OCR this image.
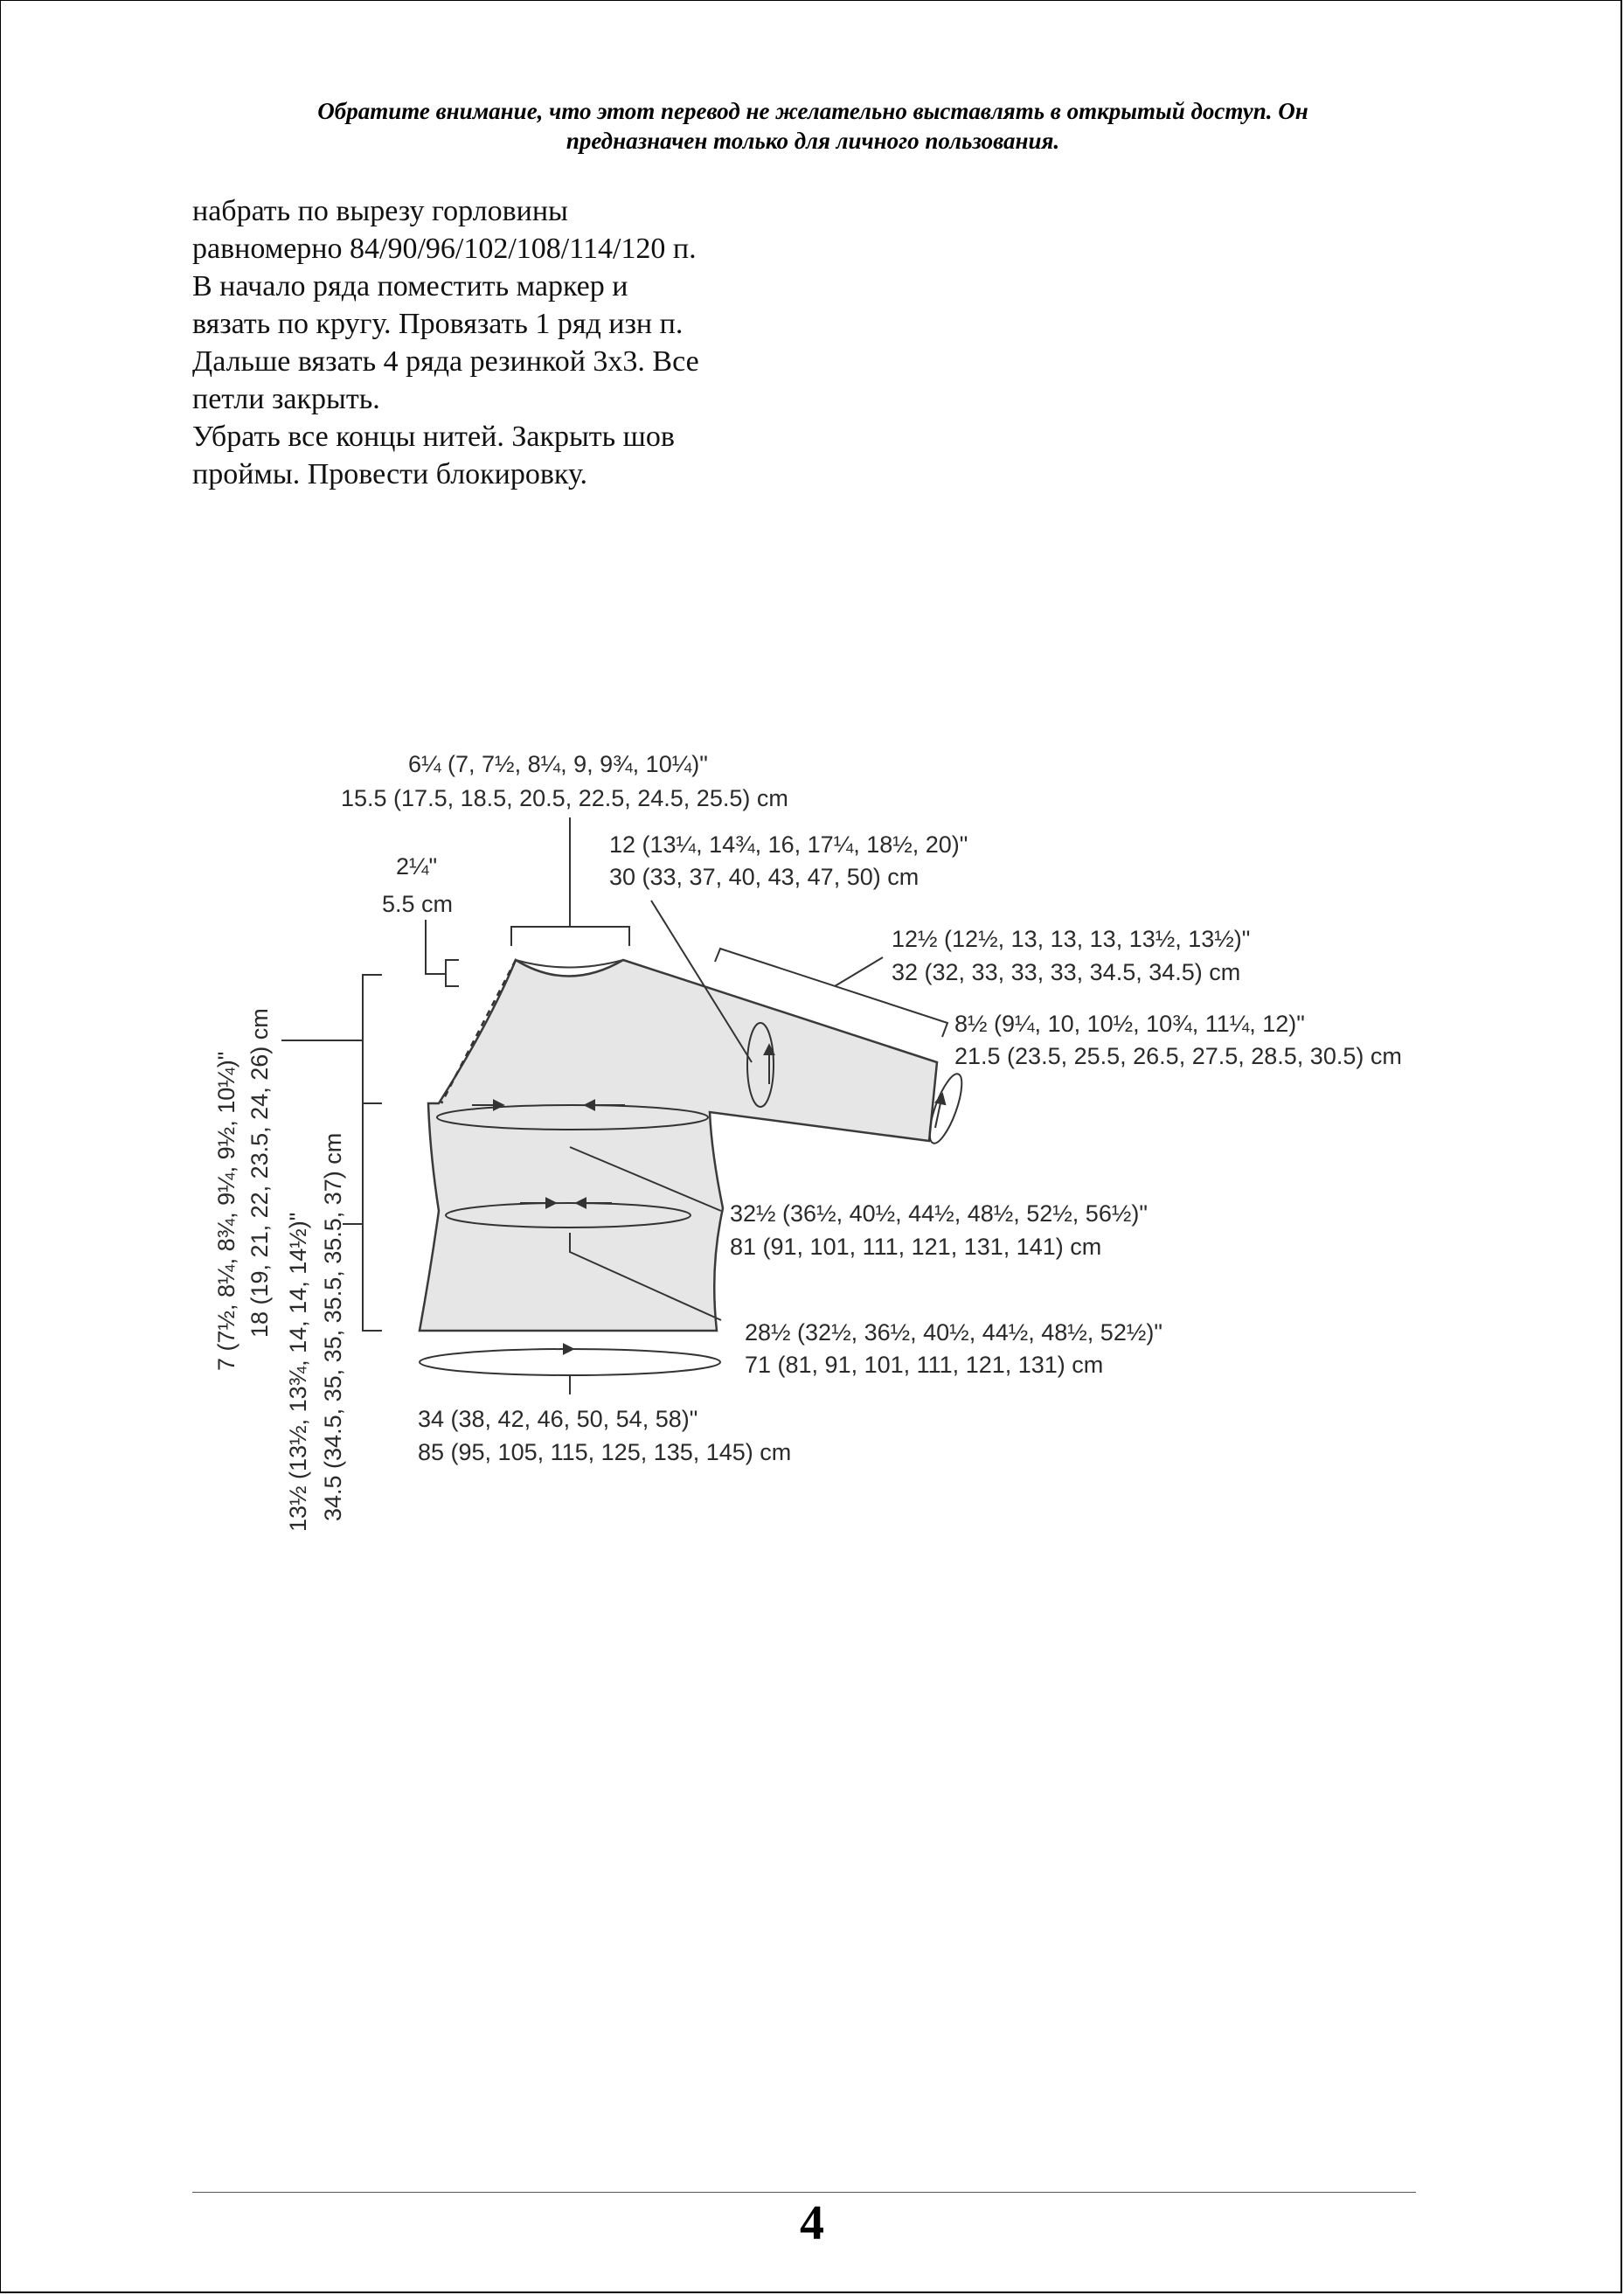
Обратите внимание, что этот перевод не желательно выставлять в открытый доступ. Он
предназначен только для личного пользования.
набрать по вырезу горловины
равномерно 84/90/96/102/108/114/120 п.
В начало ряда поместить маркер и
вязать по кругу. Провязать 1 ряд изн п.
Дальше вязать 4 ряда резинкой 3х3. Все
петли закрыть.
Убрать все концы нитей. Закрыть шов
проймы. Провести блокировку.
6¼ (7, 7½, 8¼, 9, 9¾, 10¼)"
15.5 (17.5, 18.5, 20.5, 22.5, 24.5, 25.5) cm
2¼"
5.5 cm
12 (13¼, 14¾, 16, 17¼, 18½, 20)"
30 (33, 37, 40, 43, 47, 50) cm
12½ (12½, 13, 13, 13, 13½, 13½)"
32 (32, 33, 33, 33, 34.5, 34.5) cm
8½ (9¼, 10, 10½, 10¾, 11¼, 12)"
21.5 (23.5, 25.5, 26.5, 27.5, 28.5, 30.5) cm
32½ (36½, 40½, 44½, 48½, 52½, 56½)"
81 (91, 101, 111, 121, 131, 141) cm
28½ (32½, 36½, 40½, 44½, 48½, 52½)"
71 (81, 91, 101, 111, 121, 131) cm
34 (38, 42, 46, 50, 54, 58)"
85 (95, 105, 115, 125, 135, 145) cm
7 (7½, 8¼, 8¾, 9¼, 9½, 10¼)" 18 (19, 21, 22, 23.5, 24, 26) cm
13½ (13½, 13¾, 14, 14, 14½)" 34.5 (34.5, 35, 35, 35.5, 35.5, 37) cm
4
